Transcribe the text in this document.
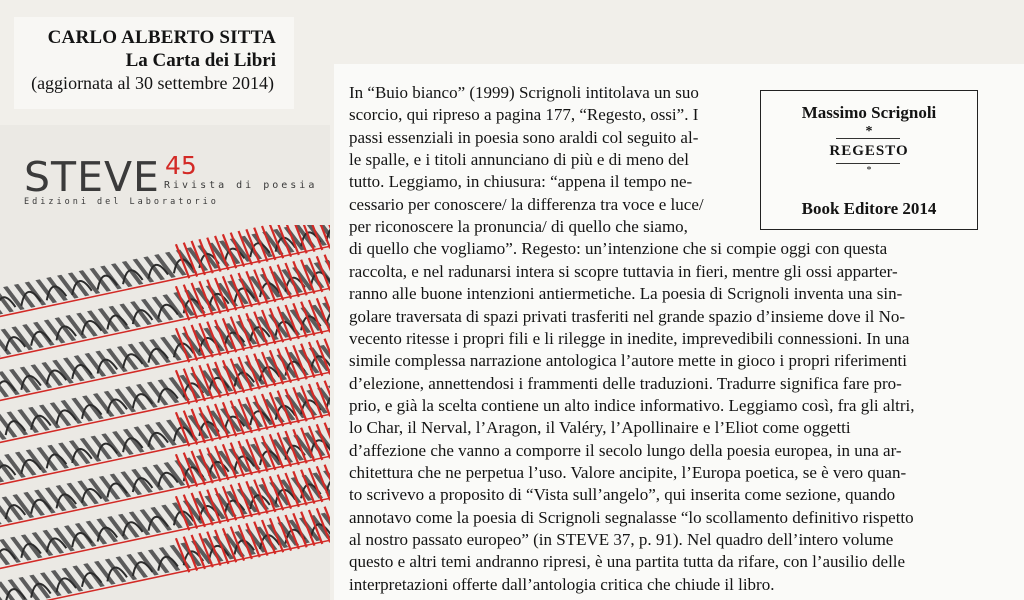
CARLO ALBERTO SITTA
La Carta dei Libri
(aggiornata al 30 settembre 2014)
STEVE 45
Rivista di poesia
Edizioni del Laboratorio
Massimo Scrignoli
*
REGESTO
*
Book Editore 2014
In “Buio bianco” (1999) Scrignoli intitolava un suo
scorcio, qui ripreso a pagina 177, “Regesto, ossi”. I
passi essenziali in poesia sono araldi col seguito al-
le spalle, e i titoli annunciano di più e di meno del
tutto. Leggiamo, in chiusura: “appena il tempo ne-
cessario per conoscere/ la differenza tra voce e luce/
per riconoscere la pronuncia/ di quello che siamo,
di quello che vogliamo”. Regesto: un’intenzione che si compie oggi con questa
raccolta, e nel radunarsi intera si scopre tuttavia in fieri, mentre gli ossi apparter-
ranno alle buone intenzioni antiermetiche. La poesia di Scrignoli inventa una sin-
golare traversata di spazi privati trasferiti nel grande spazio d’insieme dove il No-
vecento ritesse i propri fili e li rilegge in inedite, imprevedibili connessioni. In una
simile complessa narrazione antologica l’autore mette in gioco i propri riferimenti
d’elezione, annettendosi i frammenti delle traduzioni. Tradurre significa fare pro-
prio, e già la scelta contiene un alto indice informativo. Leggiamo così, fra gli altri,
lo Char, il Nerval, l’Aragon, il Valéry, l’Apollinaire e l’Eliot come oggetti
d’affezione che vanno a comporre il secolo lungo della poesia europea, in una ar-
chitettura che ne perpetua l’uso. Valore ancipite, l’Europa poetica, se è vero quan-
to scrivevo a proposito di “Vista sull’angelo”, qui inserita come sezione, quando
annotavo come la poesia di Scrignoli segnalasse “lo scollamento definitivo rispetto
al nostro passato europeo” (in STEVE 37, p. 91). Nel quadro dell’intero volume
questo e altri temi andranno ripresi, è una partita tutta da rifare, con l’ausilio delle
interpretazioni offerte dall’antologia critica che chiude il libro.
